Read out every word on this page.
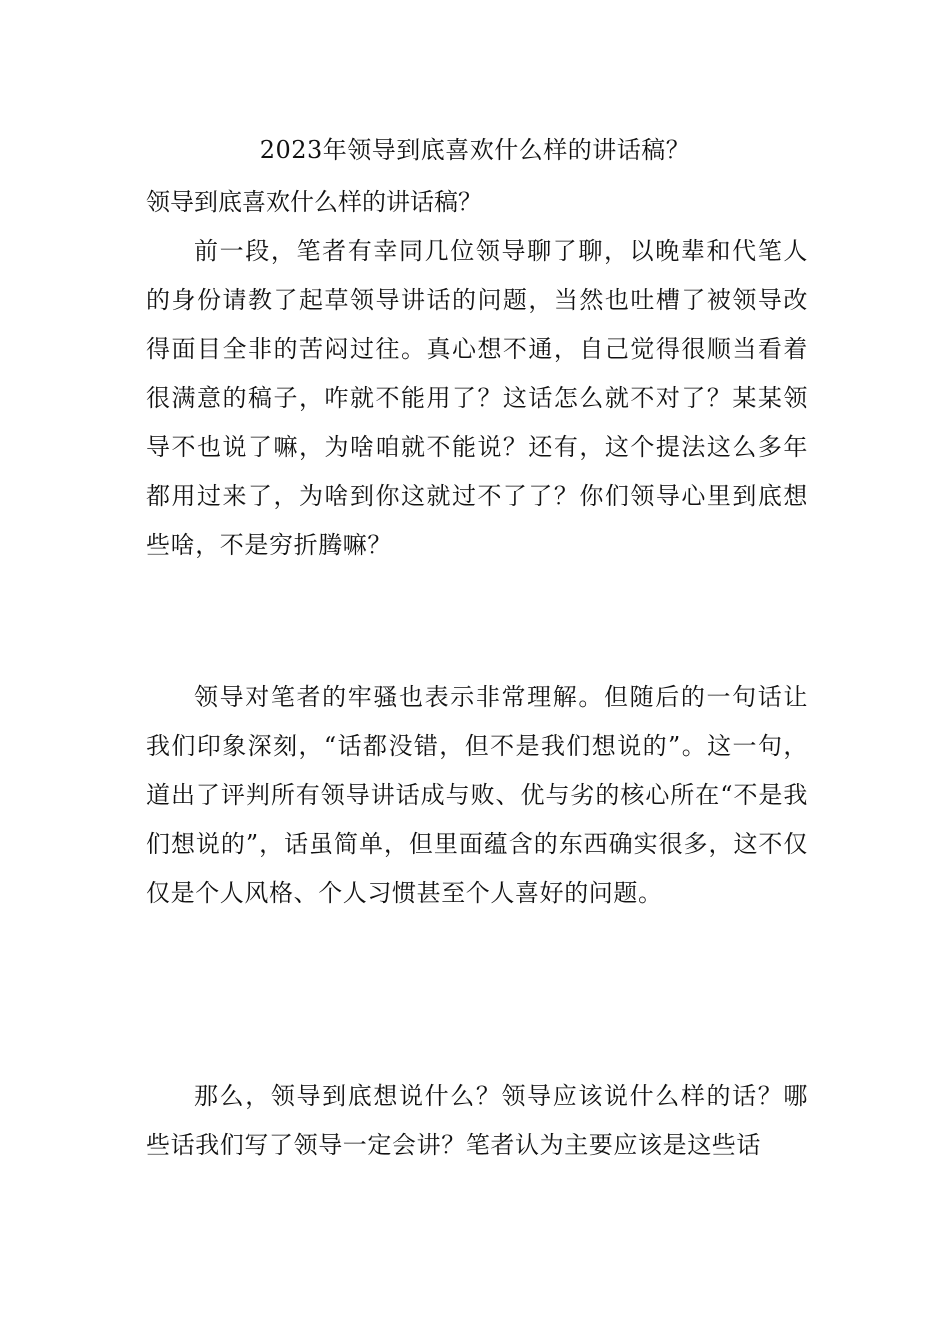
2023年领导到底喜欢什么样的讲话稿？
领导到底喜欢什么样的讲话稿？

前一段，笔者有幸同几位领导聊了聊，以晚辈和代笔人的身份请教了起草领导讲话的问题，当然也吐槽了被领导改得面目全非的苦闷过往。真心想不通，自己觉得很顺当看着很满意的稿子，咋就不能用了？这话怎么就不对了？某某领导不也说了嘛，为啥咱就不能说？还有，这个提法这么多年都用过来了，为啥到你这就过不了了？你们领导心里到底想些啥，不是穷折腾嘛？

领导对笔者的牢骚也表示非常理解。但随后的一句话让我们印象深刻，“话都没错，但不是我们想说的”。这一句，道出了评判所有领导讲话成与败、优与劣的核心所在“不是我们想说的”，话虽简单，但里面蕴含的东西确实很多，这不仅仅是个人风格、个人习惯甚至个人喜好的问题。

那么，领导到底想说什么？领导应该说什么样的话？哪些话我们写了领导一定会讲？笔者认为主要应该是这些话
